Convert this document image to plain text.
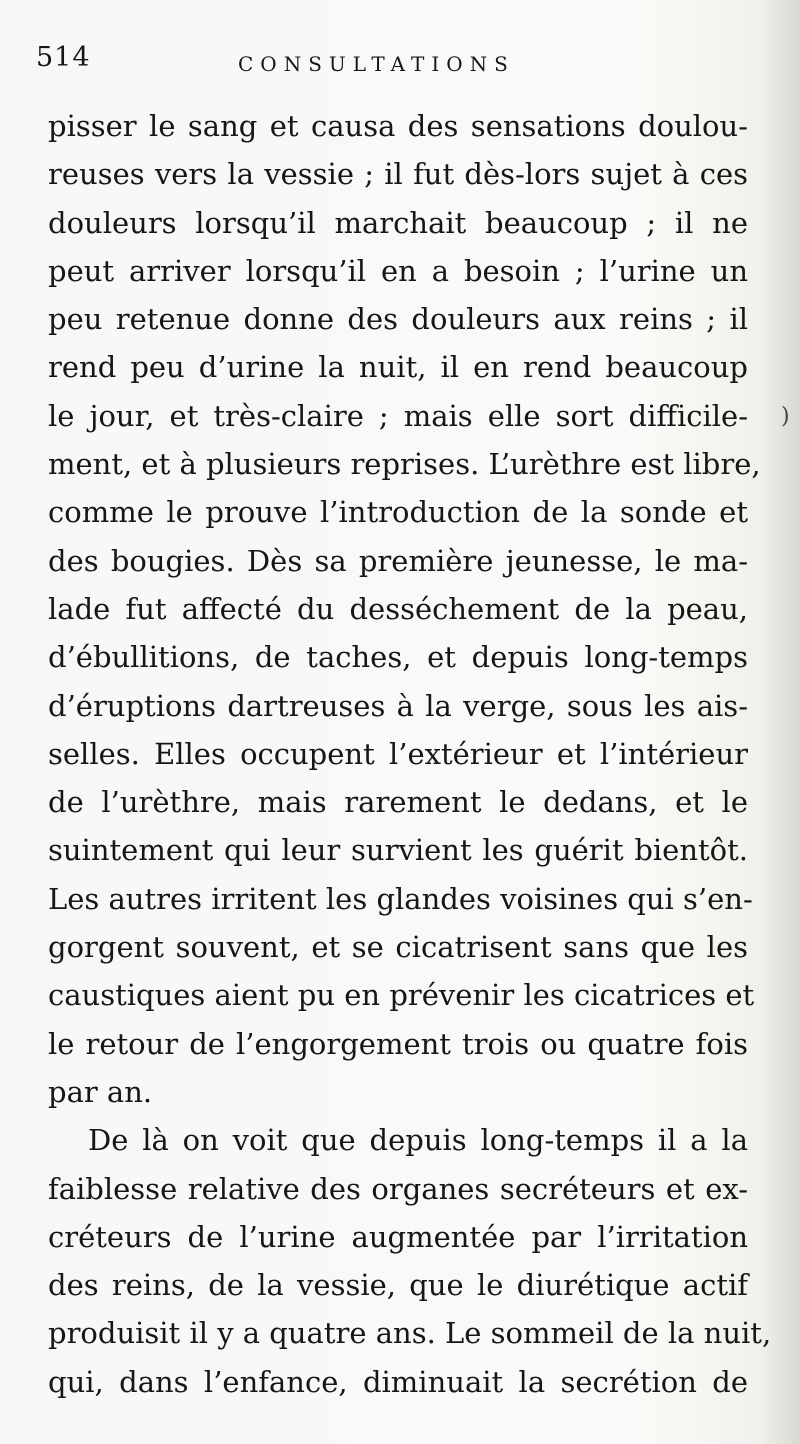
514	CONSULTATIONS
pisser le sang et causa des sensations doulou-
reuses vers la vessie ; il fut dès-lors sujet à ces
douleurs lorsqu’il marchait beaucoup ; il ne
peut arriver lorsqu’il en a besoin ; l’urine un
peu retenue donne des douleurs aux reins ; il
rend peu d’urine la nuit, il en rend beaucoup
le jour, et très-claire ; mais elle sort difficile-
ment, et à plusieurs reprises. L’urèthre est libre,
comme le prouve l’introduction de la sonde et
des bougies. Dès sa première jeunesse, le ma-
lade fut affecté du desséchement de la peau,
d’ébullitions, de taches, et depuis long-temps
d’éruptions dartreuses à la verge, sous les ais-
selles. Elles occupent l’extérieur et l’intérieur
de l’urèthre, mais rarement le dedans, et le
suintement qui leur survient les guérit bientôt.
Les autres irritent les glandes voisines qui s’en-
gorgent souvent, et se cicatrisent sans que les
caustiques aient pu en prévenir les cicatrices et
le retour de l’engorgement trois ou quatre fois
par an.
De là on voit que depuis long-temps il a la
faiblesse relative des organes secréteurs et ex-
créteurs de l’urine augmentée par l’irritation
des reins, de la vessie, que le diurétique actif
produisit il y a quatre ans. Le sommeil de la nuit,
qui, dans l’enfance, diminuait la secrétion de
)
